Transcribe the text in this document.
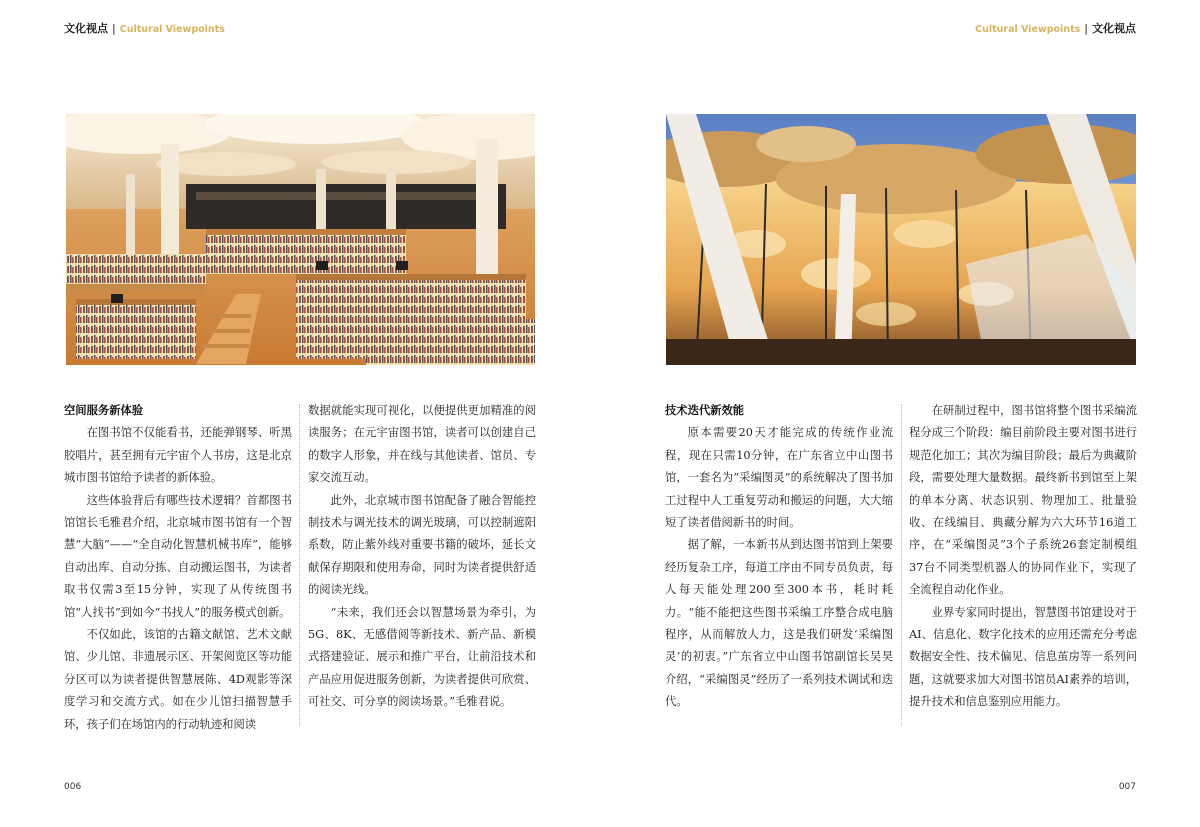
文化视点 | Cultural Viewpoints	Cultural Viewpoints | 文化视点
空间服务新体验

在图书馆不仅能看书，还能弹钢琴、听黑胶唱片，甚至拥有元宇宙个人书房，这是北京城市图书馆给予读者的新体验。

这些体验背后有哪些技术逻辑？首都图书馆馆长毛雅君介绍，北京城市图书馆有一个智慧“大脑”——“全自动化智慧机械书库”，能够自动出库、自动分拣、自动搬运图书，为读者取书仅需3至15分钟，实现了从传统图书馆“人找书”到如今“书找人”的服务模式创新。

不仅如此，该馆的古籍文献馆、艺术文献馆、少儿馆、非遗展示区、开架阅览区等功能分区可以为读者提供智慧展陈、4D观影等深度学习和交流方式。如在少儿馆扫描智慧手环，孩子们在场馆内的行动轨迹和阅读

数据就能实现可视化，以便提供更加精准的阅读服务；在元宇宙图书馆，读者可以创建自己的数字人形象，并在线与其他读者、馆员、专家交流互动。

此外，北京城市图书馆配备了融合智能控制技术与调光技术的调光玻璃，可以控制遮阳系数，防止紫外线对重要书籍的破坏，延长文献保存期限和使用寿命，同时为读者提供舒适的阅读光线。

“未来，我们还会以智慧场景为牵引，为5G、8K、无感借阅等新技术、新产品、新模式搭建验证、展示和推广平台，让前沿技术和产品应用促进服务创新，为读者提供可欣赏、可社交、可分享的阅读场景。”毛雅君说。

技术迭代新效能

原本需要20天才能完成的传统作业流程，现在只需10分钟，在广东省立中山图书馆，一套名为“采编图灵”的系统解决了图书加工过程中人工重复劳动和搬运的问题，大大缩短了读者借阅新书的时间。

据了解，一本新书从到达图书馆到上架要经历复杂工序，每道工序由不同专员负责，每人每天能处理200至300本书，耗时耗力。“能不能把这些图书采编工序整合成电脑程序，从而解放人力，这是我们研发‘采编图灵’的初衷。”广东省立中山图书馆副馆长吴昊介绍，“采编图灵”经历了一系列技术调试和迭代。

在研制过程中，图书馆将整个图书采编流程分成三个阶段：编目前阶段主要对图书进行规范化加工；其次为编目阶段；最后为典藏阶段，需要处理大量数据。最终新书到馆至上架的单本分离、状态识别、物理加工、批量验收、在线编目、典藏分解为六大环节16道工序，在“采编图灵”3个子系统26套定制模组37台不同类型机器人的协同作业下，实现了全流程自动化作业。

业界专家同时提出，智慧图书馆建设对于AI、信息化、数字化技术的应用还需充分考虑数据安全性、技术偏见、信息茧房等一系列问题，这就要求加大对图书馆员AI素养的培训，提升技术和信息鉴别应用能力。

006	007
